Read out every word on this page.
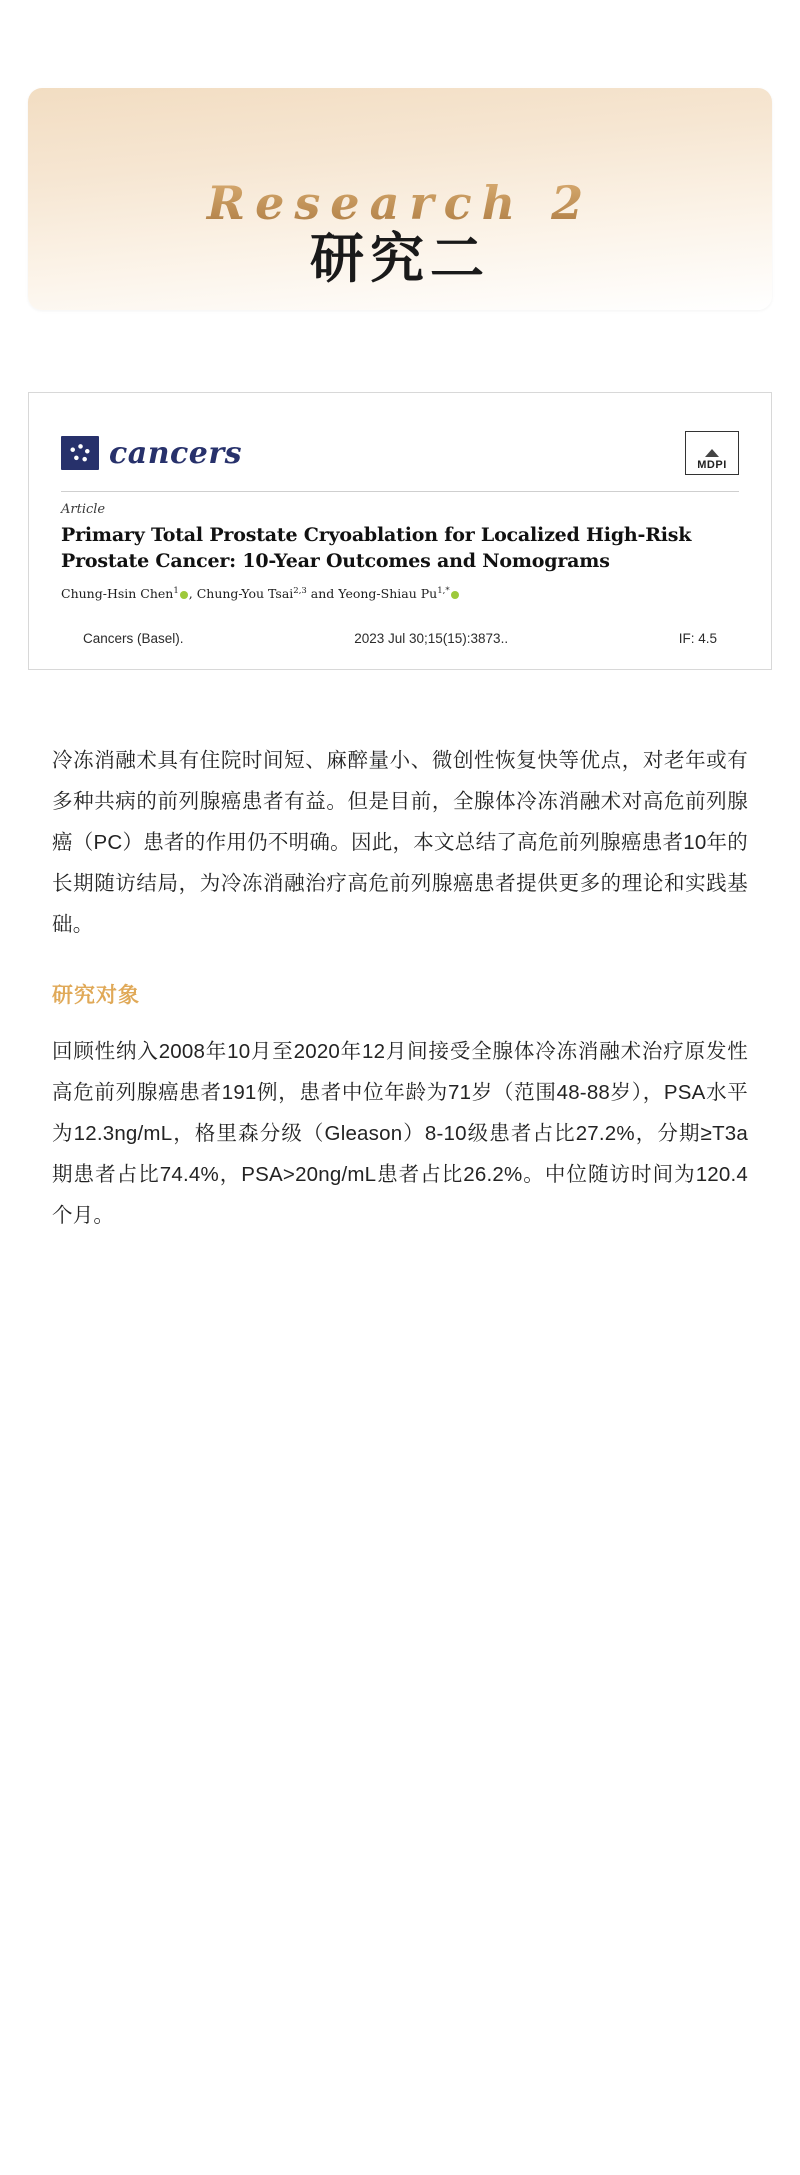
Research 2
研究二
cancers	MDPI
Article
Primary Total Prostate Cryoablation for Localized High-Risk Prostate Cancer: 10-Year Outcomes and Nomograms
Chung-Hsin Chen$^1$ , Chung-You Tsai$^{2,3}$ and Yeong-Shiau $Pu^{1,*}$
Cancers (Basel).	2023 Jul 30;15(15):3873..	IF: 4.5

冷冻消融术具有住院时间短、麻醉量小、微创性恢复快等优点，对老年或有多种共病的前列腺癌患者有益。但是目前，全腺体冷冻消融术对高危前列腺癌（PC）患者的作用仍不明确。因此，本文总结了高危前列腺癌患者10年的长期随访结局，为冷冻消融治疗高危前列腺癌患者提供更多的理论和实践基础。

研究对象

回顾性纳入2008年10月至2020年12月间接受全腺体冷冻消融术治疗原发性高危前列腺癌患者191例，患者中位年龄为71岁（范围48-88岁），PSA水平为12.3ng/mL，格里森分级（Gleason）8-10级患者占比27.2%，分期≥T3a期患者占比74.4%，PSA>20ng/mL患者占比26.2%。中位随访时间为120.4个月。
